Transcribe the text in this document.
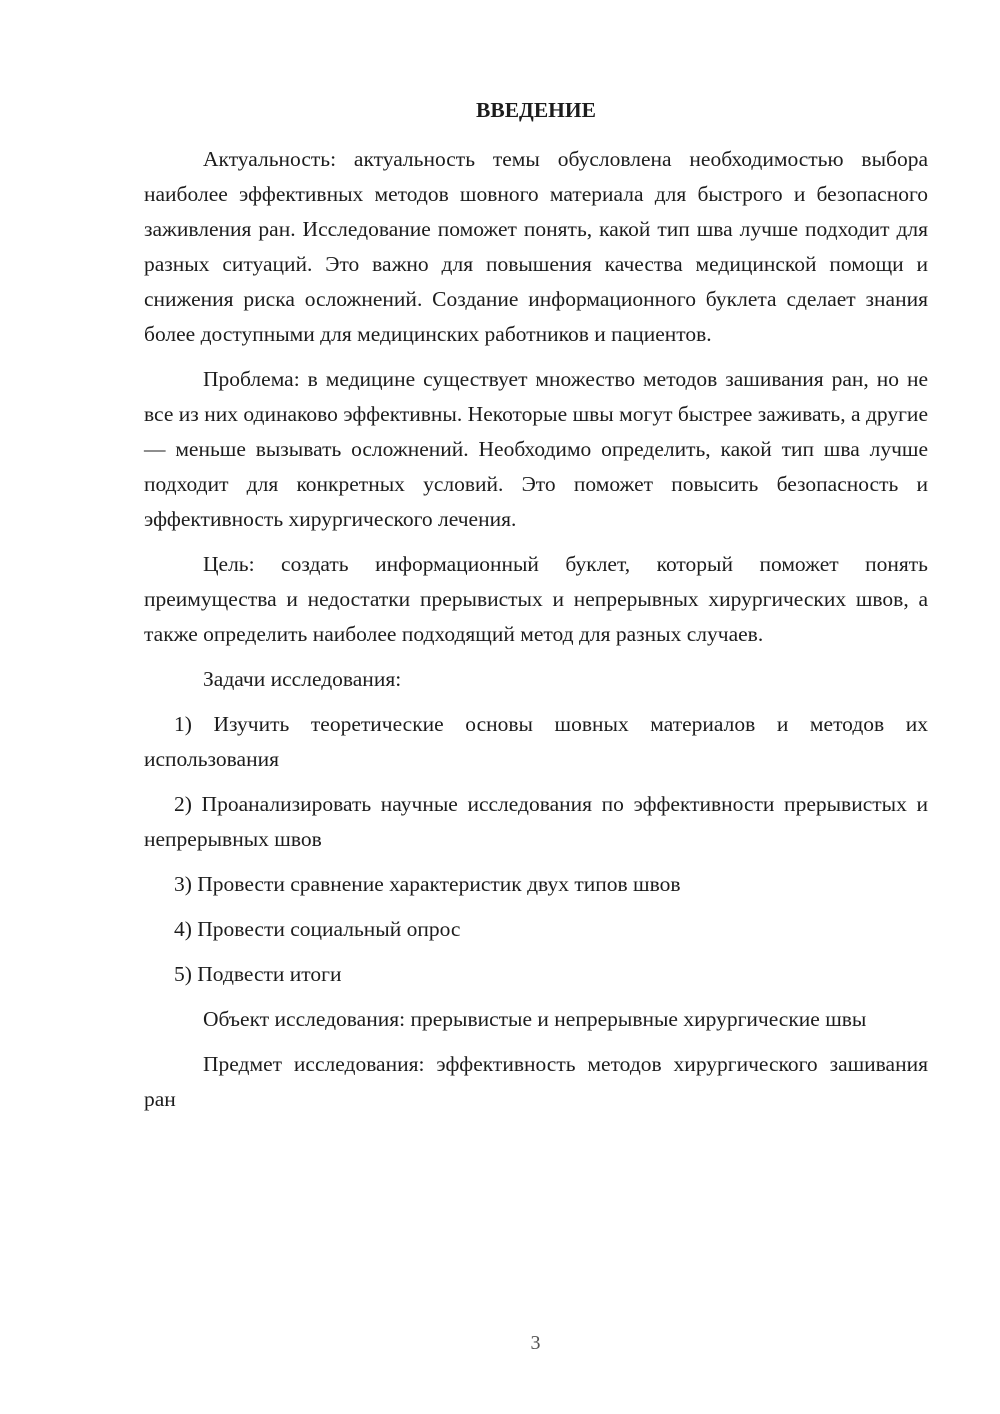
ВВЕДЕНИЕ

Актуальность: актуальность темы обусловлена необходимостью выбора наиболее эффективных методов шовного материала для быстрого и безопасного заживления ран. Исследование поможет понять, какой тип шва лучше подходит для разных ситуаций. Это важно для повышения качества медицинской помощи и снижения риска осложнений. Создание информационного буклета сделает знания более доступными для медицинских работников и пациентов.

Проблема: в медицине существует множество методов зашивания ран, но не все из них одинаково эффективны. Некоторые швы могут быстрее заживать, а другие — меньше вызывать осложнений. Необходимо определить, какой тип шва лучше подходит для конкретных условий. Это поможет повысить безопасность и эффективность хирургического лечения.

Цель: создать информационный буклет, который поможет понять преимущества и недостатки прерывистых и непрерывных хирургических швов, а также определить наиболее подходящий метод для разных случаев.

Задачи исследования:

1) Изучить теоретические основы шовных материалов и методов их использования

2) Проанализировать научные исследования по эффективности прерывистых и непрерывных швов

3) Провести сравнение характеристик двух типов швов

4) Провести социальный опрос

5) Подвести итоги

Объект исследования: прерывистые и непрерывные хирургические швы

Предмет исследования: эффективность методов хирургического зашивания ран

3
